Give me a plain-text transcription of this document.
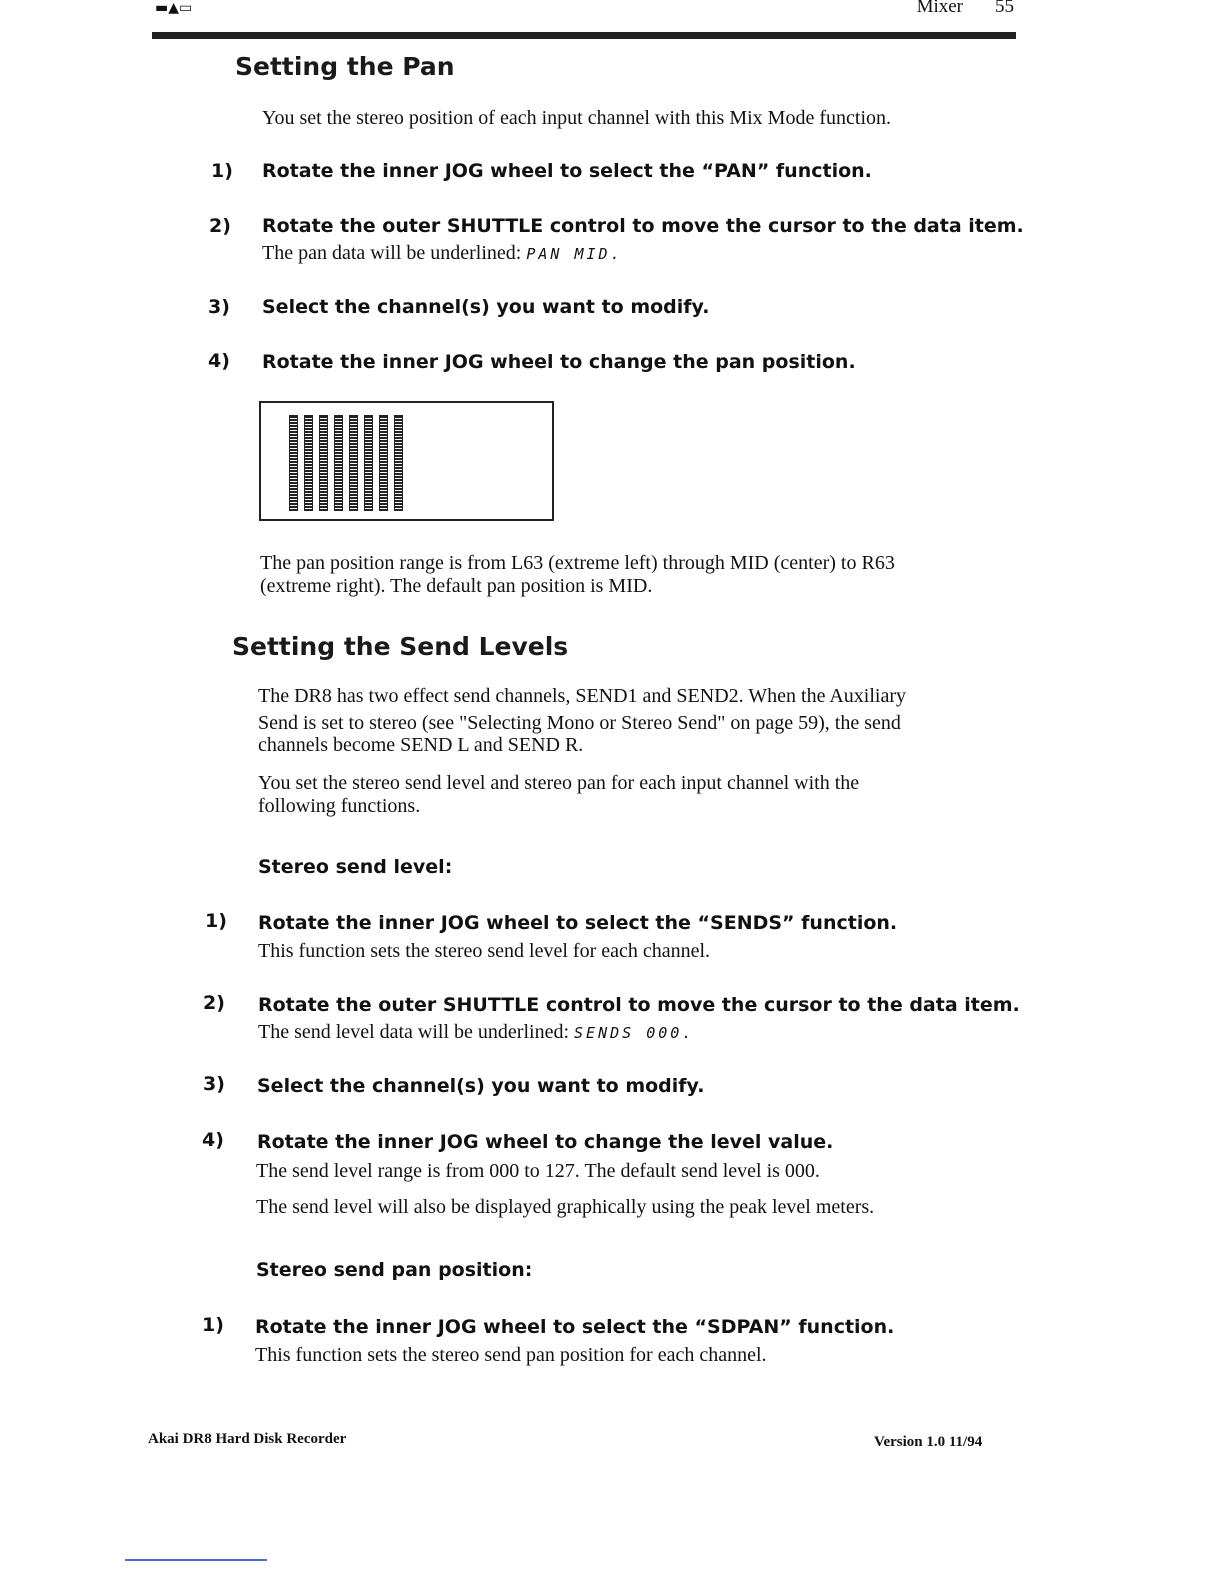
▬▲▭	Mixer 55
Setting the Pan
You set the stereo position of each input channel with this Mix Mode function.
1) Rotate the inner JOG wheel to select the “PAN” function.
2) Rotate the outer SHUTTLE control to move the cursor to the data item.
The pan data will be underlined: PAN MID.
3) Select the channel(s) you want to modify.
4) Rotate the inner JOG wheel to change the pan position.
The pan position range is from L63 (extreme left) through MID (center) to R63
(extreme right). The default pan position is MID.
Setting the Send Levels
The DR8 has two effect send channels, SEND1 and SEND2. When the Auxiliary
Send is set to stereo (see "Selecting Mono or Stereo Send" on page 59), the send
channels become SEND L and SEND R.
You set the stereo send level and stereo pan for each input channel with the
following functions.
Stereo send level:
1) Rotate the inner JOG wheel to select the “SENDS” function.
This function sets the stereo send level for each channel.
2) Rotate the outer SHUTTLE control to move the cursor to the data item.
The send level data will be underlined: SENDS 000.
3) Select the channel(s) you want to modify.
4) Rotate the inner JOG wheel to change the level value.
The send level range is from 000 to 127. The default send level is 000.
The send level will also be displayed graphically using the peak level meters.
Stereo send pan position:
1) Rotate the inner JOG wheel to select the “SDPAN” function.
This function sets the stereo send pan position for each channel.
Akai DR8 Hard Disk Recorder	Version 1.0 11/94
